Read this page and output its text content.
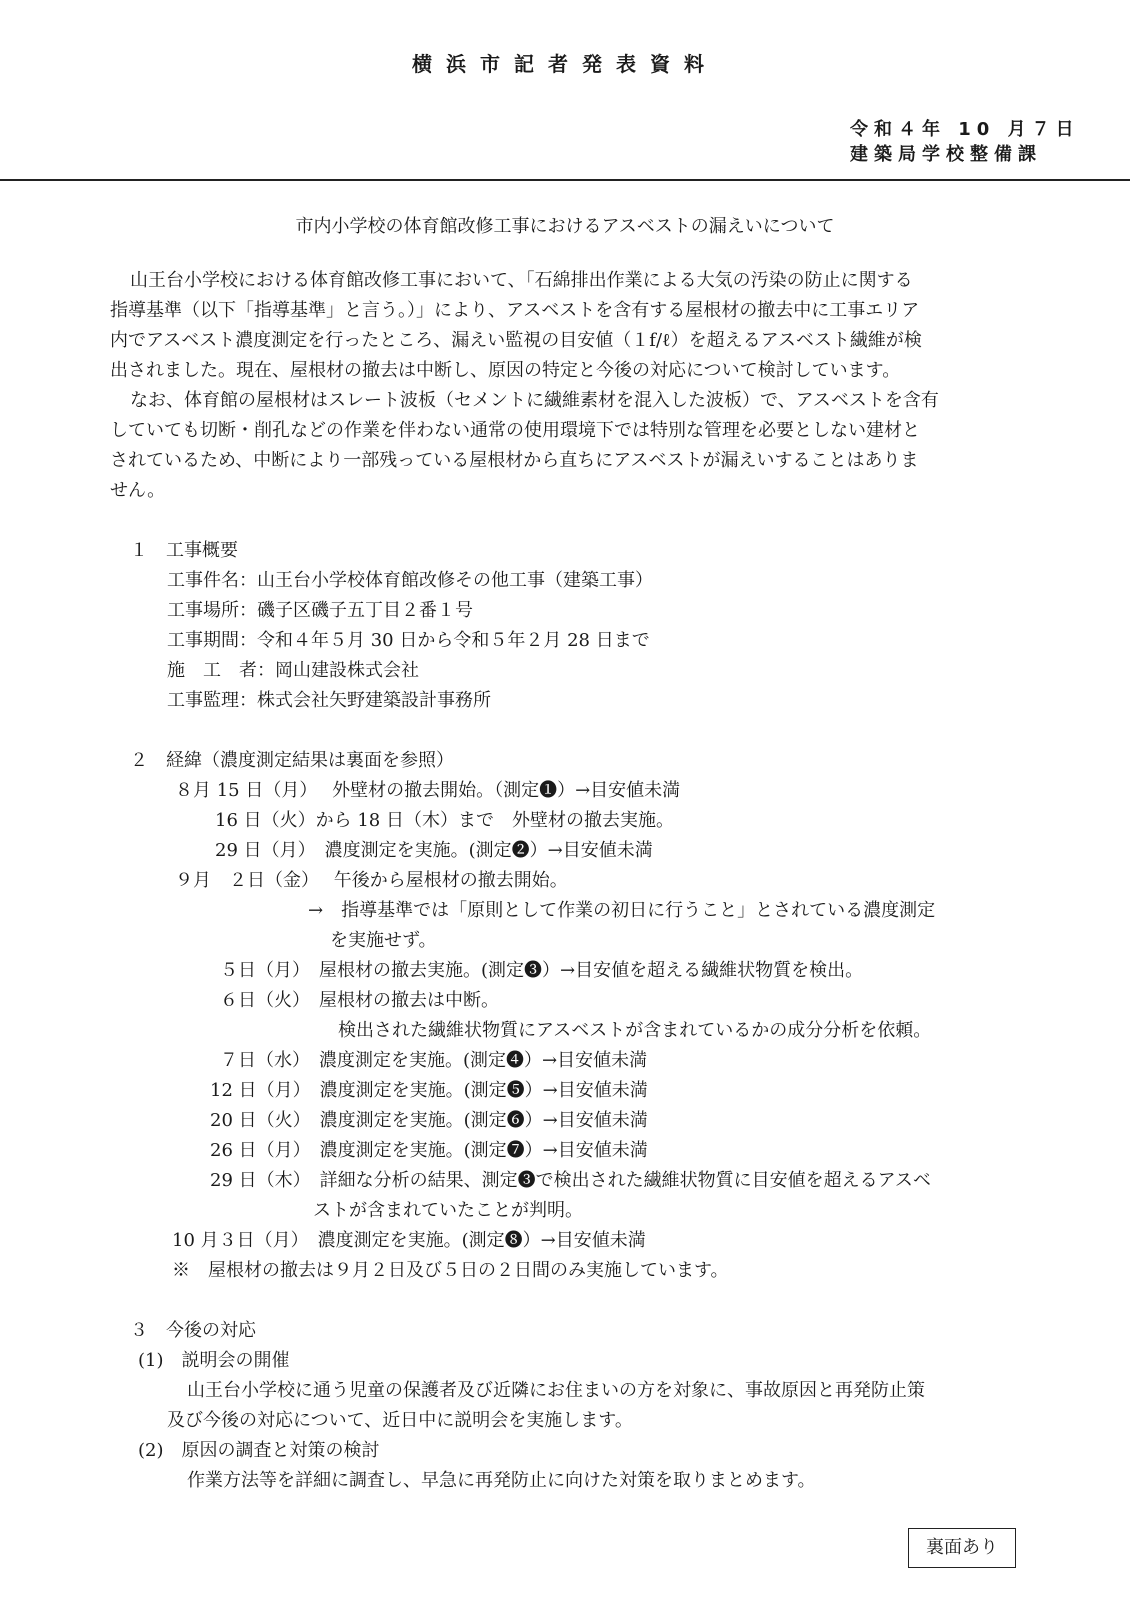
横浜市記者発表資料
令和４年 10 月７日
建築局学校整備課
市内小学校の体育館改修工事におけるアスベストの漏えいについて
山王台小学校における体育館改修工事において、「石綿排出作業による大気の汚染の防止に関する
指導基準（以下「指導基準」と言う。）」により、アスベストを含有する屋根材の撤去中に工事エリア
内でアスベスト濃度測定を行ったところ、漏えい監視の目安値（１f/ℓ）を超えるアスベスト繊維が検
出されました。現在、屋根材の撤去は中断し、原因の特定と今後の対応について検討しています。
なお、体育館の屋根材はスレート波板（セメントに繊維素材を混入した波板）で、アスベストを含有
していても切断・削孔などの作業を伴わない通常の使用環境下では特別な管理を必要としない建材と
されているため、中断により一部残っている屋根材から直ちにアスベストが漏えいすることはありま
せん。
１　工事概要
工事件名：山王台小学校体育館改修その他工事（建築工事）
工事場所：磯子区磯子五丁目２番１号
工事期間：令和４年５月 30 日から令和５年２月 28 日まで
施　工　者：岡山建設株式会社
工事監理：株式会社矢野建築設計事務所
２　経緯（濃度測定結果は裏面を参照）
８月 15 日（月）　 外壁材の撤去開始。（測定❶）→目安値未満
16 日（火）から 18 日（木）まで　外壁材の撤去実施。
29 日（月）　濃度測定を実施。(測定❷）→目安値未満
９月　２日（金）　 午後から屋根材の撤去開始。
→　指導基準では「原則として作業の初日に行うこと」とされている濃度測定
を実施せず。
５日（月）　屋根材の撤去実施。(測定❸）→目安値を超える繊維状物質を検出。
６日（火）　屋根材の撤去は中断。
検出された繊維状物質にアスベストが含まれているかの成分分析を依頼。
７日（水）　濃度測定を実施。(測定❹）→目安値未満
12 日（月）　濃度測定を実施。(測定❺）→目安値未満
20 日（火）　濃度測定を実施。(測定❻）→目安値未満
26 日（月）　濃度測定を実施。(測定❼）→目安値未満
29 日（木）　詳細な分析の結果、測定❸で検出された繊維状物質に目安値を超えるアスベ
ストが含まれていたことが判明。
10 月３日（月）　濃度測定を実施。(測定❽）→目安値未満
※　屋根材の撤去は９月２日及び５日の２日間のみ実施しています。
３　今後の対応
(1)　説明会の開催
山王台小学校に通う児童の保護者及び近隣にお住まいの方を対象に、事故原因と再発防止策
及び今後の対応について、近日中に説明会を実施します。
(2)　原因の調査と対策の検討
作業方法等を詳細に調査し、早急に再発防止に向けた対策を取りまとめます。
裏面あり
